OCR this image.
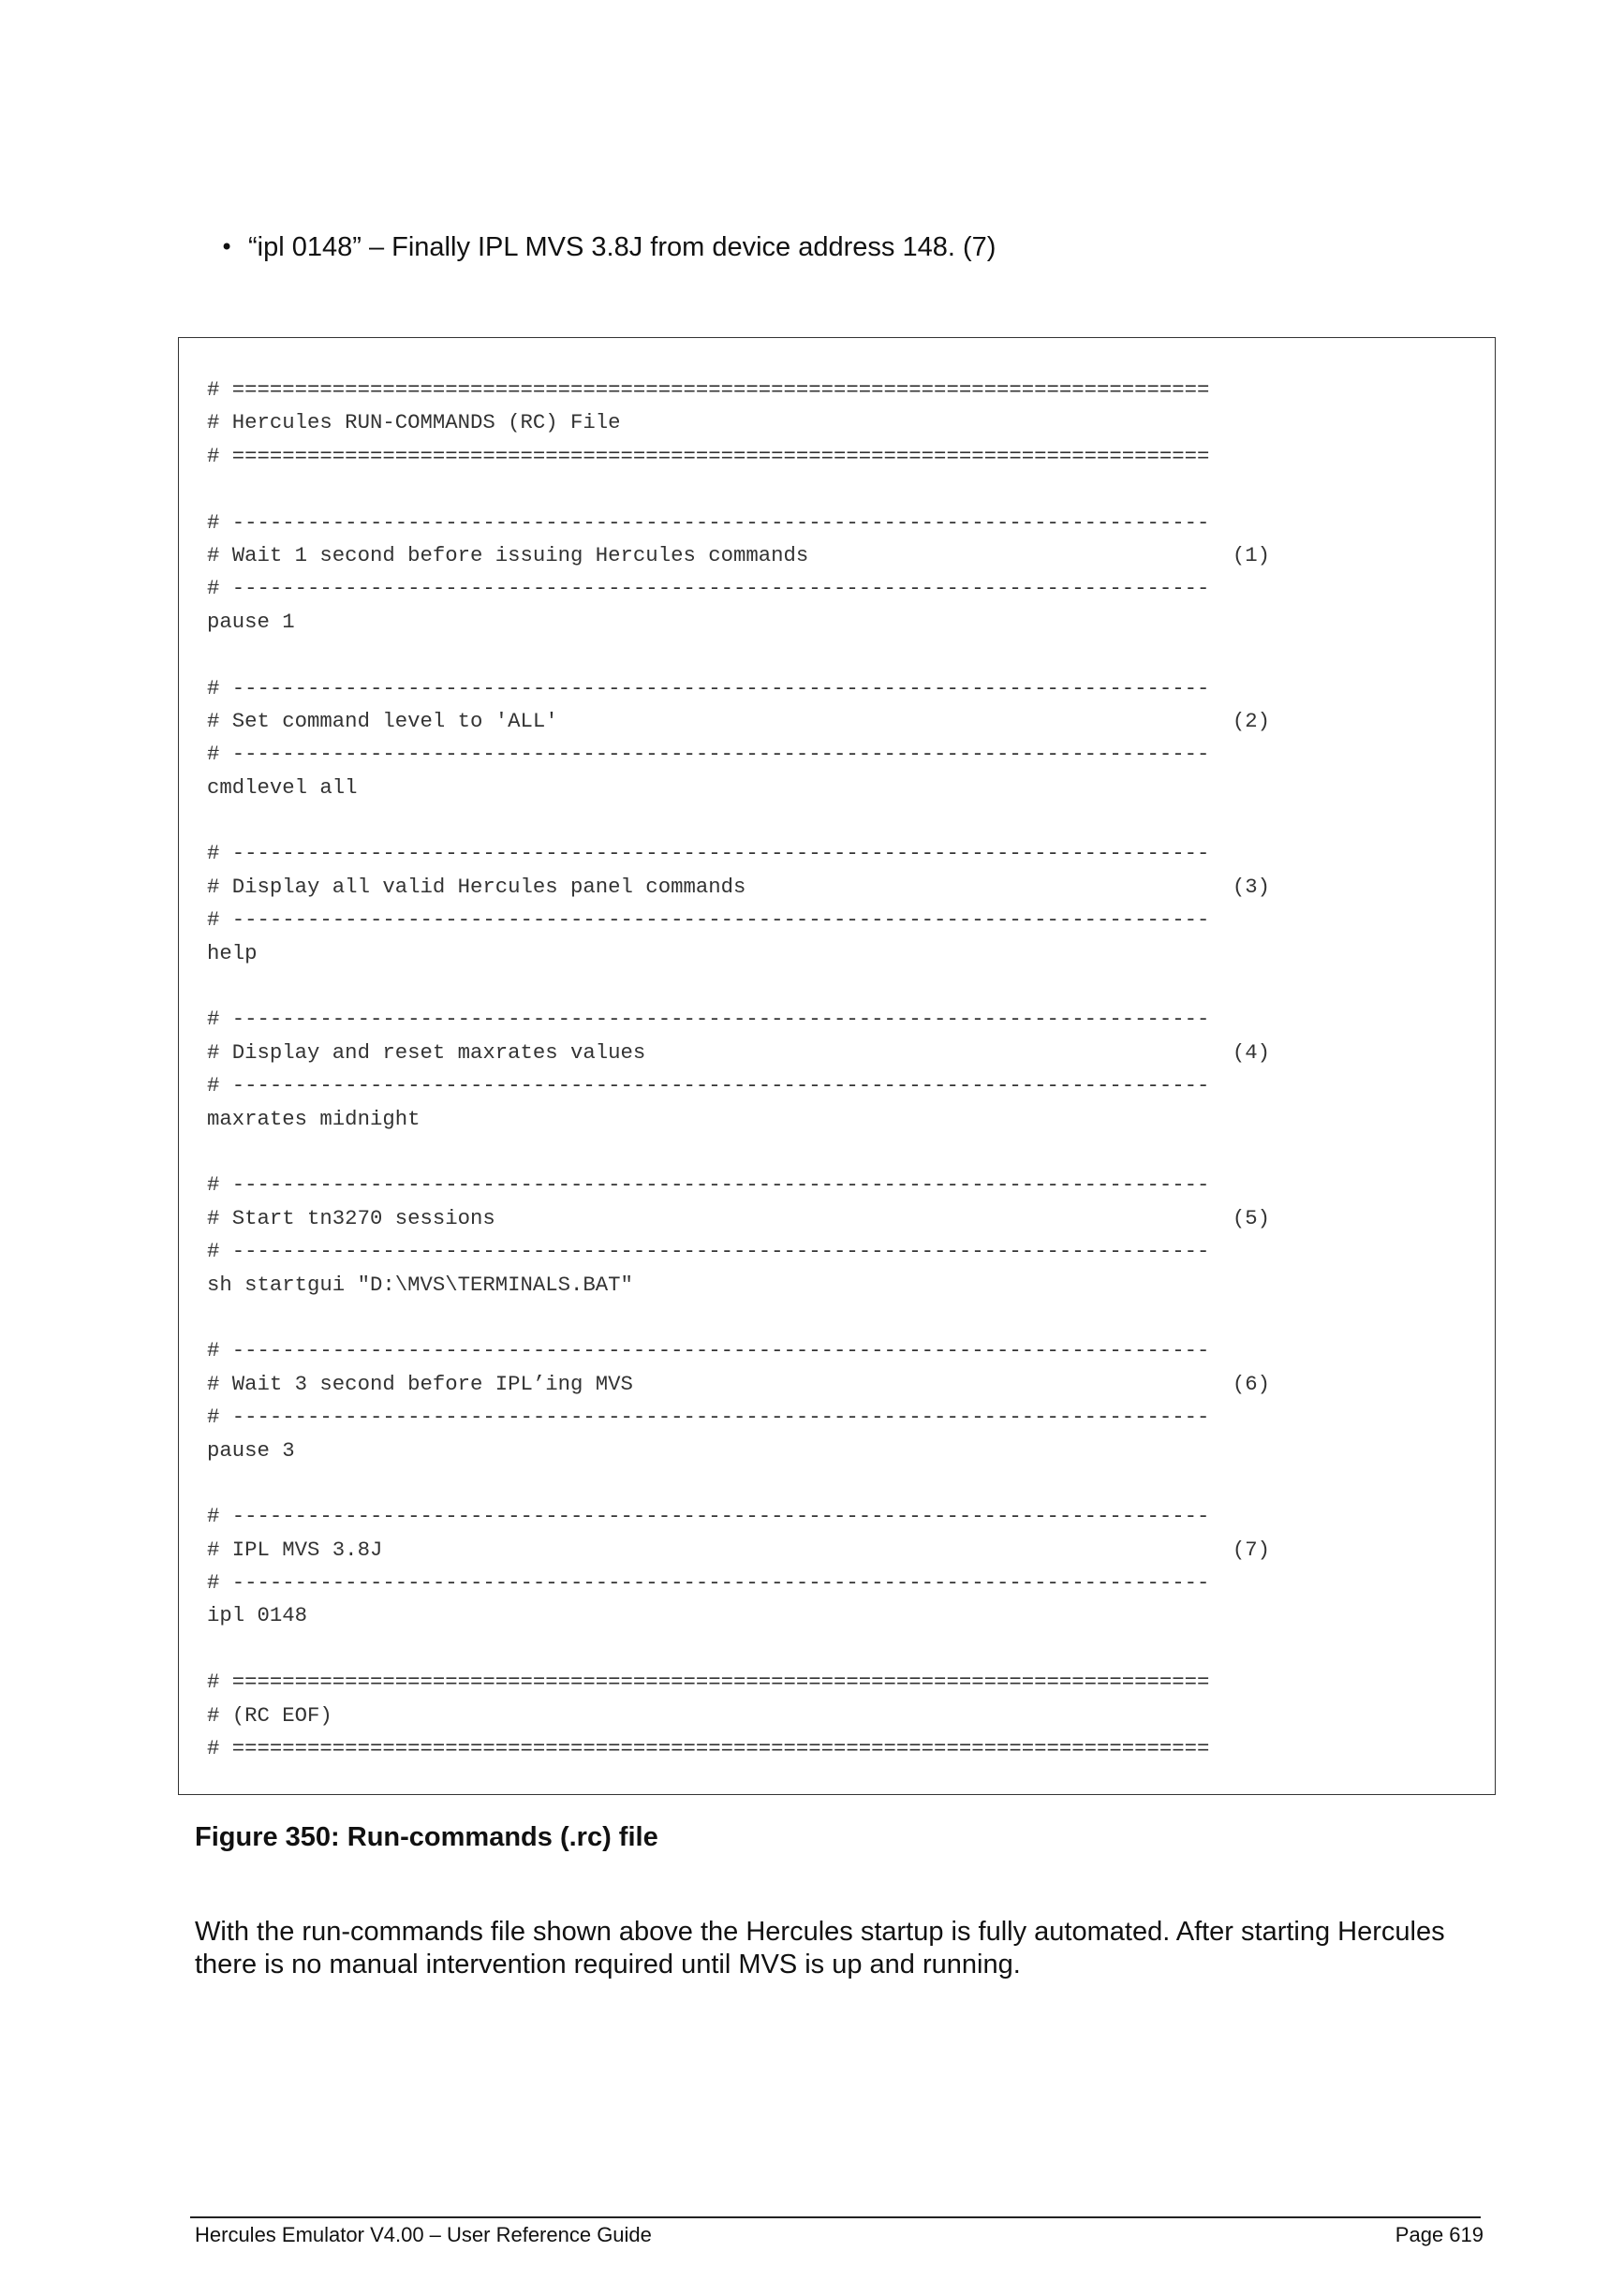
• “ipl 0148” – Finally IPL MVS 3.8J from device address 148. (7)
# ==============================================================================
# Hercules RUN-COMMANDS (RC) File
# ==============================================================================
# ------------------------------------------------------------------------------
# Wait 1 second before issuing Hercules commands	(1)
# ------------------------------------------------------------------------------
pause 1
# ------------------------------------------------------------------------------
# Set command level to 'ALL'	(2)
# ------------------------------------------------------------------------------
cmdlevel all
# ------------------------------------------------------------------------------
# Display all valid Hercules panel commands	(3)
# ------------------------------------------------------------------------------
help
# ------------------------------------------------------------------------------
# Display and reset maxrates values	(4)
# ------------------------------------------------------------------------------
maxrates midnight
# ------------------------------------------------------------------------------
# Start tn3270 sessions	(5)
# ------------------------------------------------------------------------------
sh startgui "D:\MVS\TERMINALS.BAT"
# ------------------------------------------------------------------------------
# Wait 3 second before IPL’ing MVS	(6)
# ------------------------------------------------------------------------------
pause 3
# ------------------------------------------------------------------------------
# IPL MVS 3.8J	(7)
# ------------------------------------------------------------------------------
ipl 0148
# ==============================================================================
# (RC EOF)
# ==============================================================================
Figure 350: Run-commands (.rc) file
With the run-commands file shown above the Hercules startup is fully automated. After starting Hercules
there is no manual intervention required until MVS is up and running.
Hercules Emulator V4.00 – User Reference Guide	Page 619
